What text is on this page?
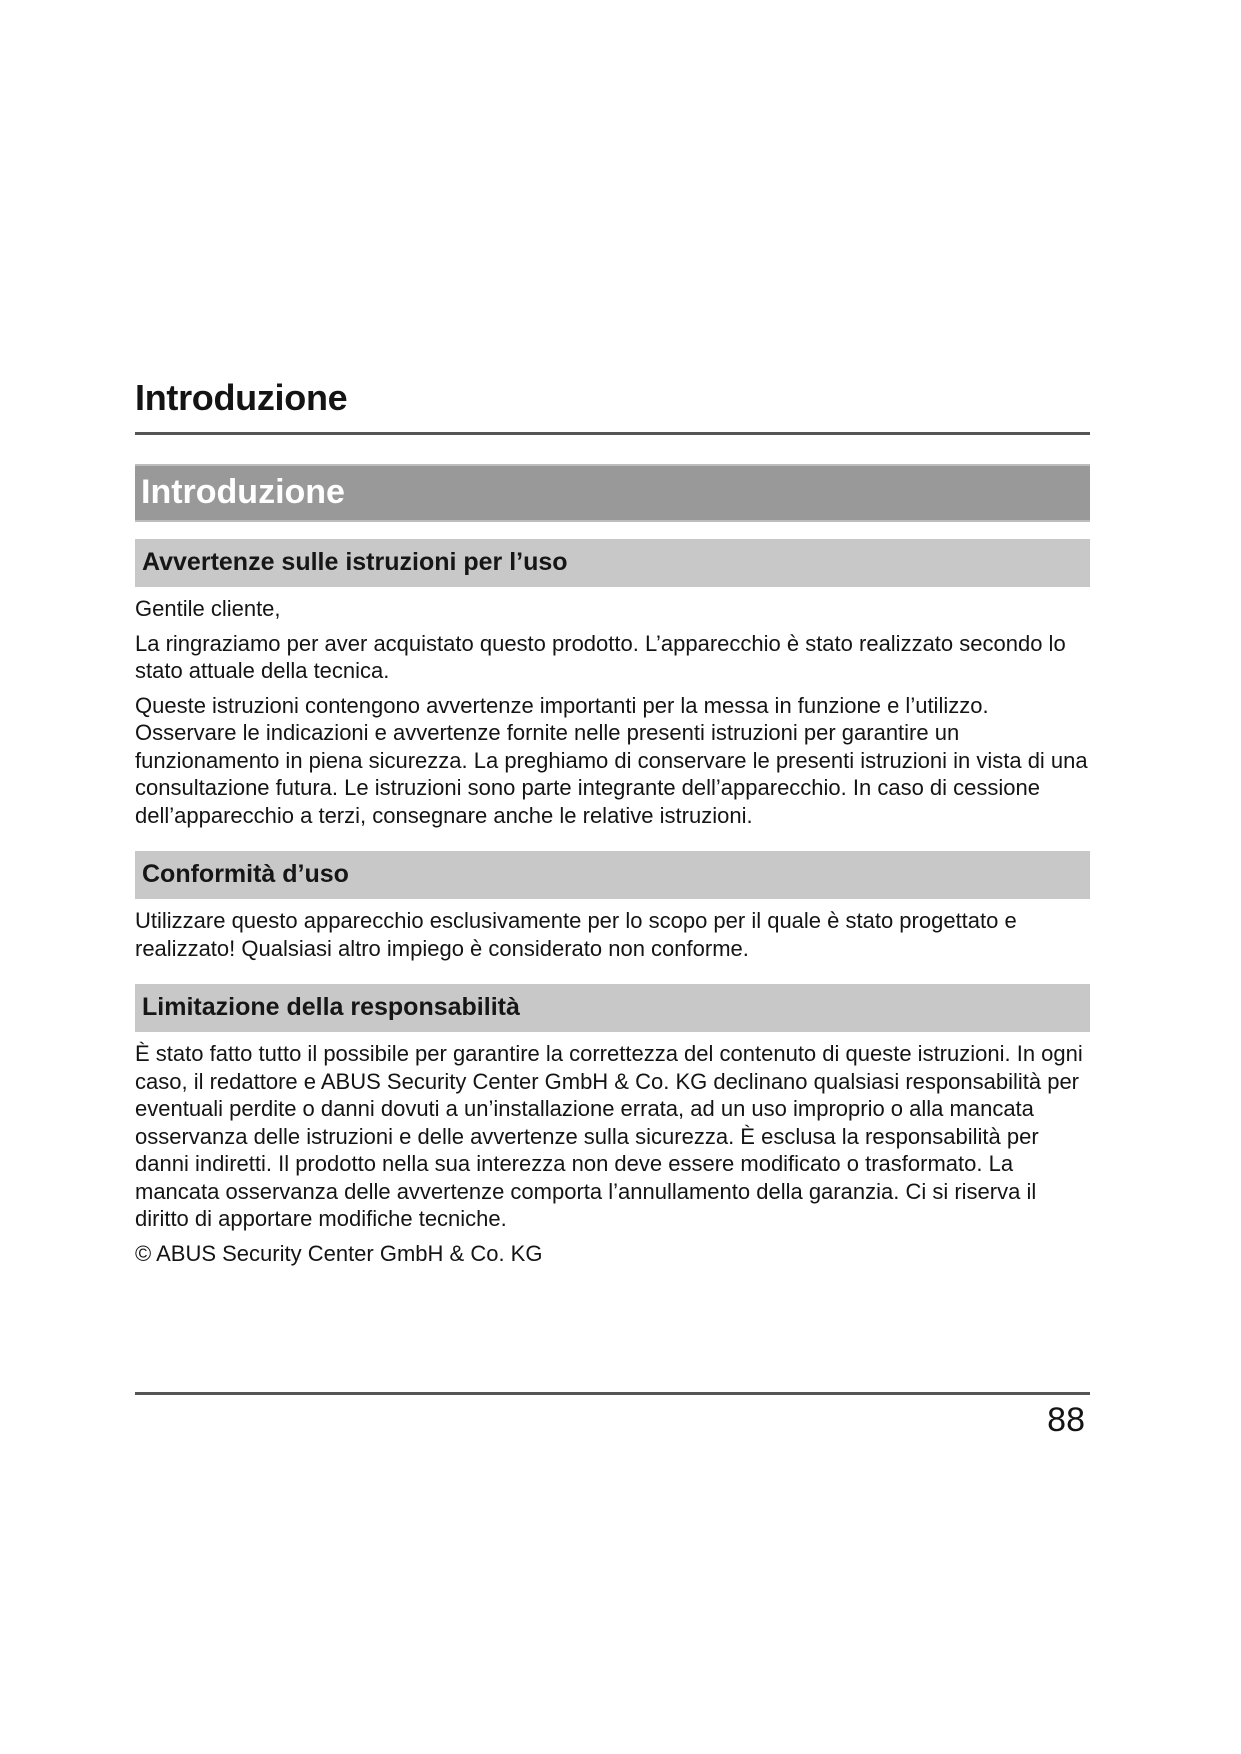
Introduzione
Introduzione
Avvertenze sulle istruzioni per l’uso

Gentile cliente,

La ringraziamo per aver acquistato questo prodotto. L’apparecchio è stato realizzato secondo lo stato attuale della tecnica.

Queste istruzioni contengono avvertenze importanti per la messa in funzione e l’utilizzo. Osservare le indicazioni e avvertenze fornite nelle presenti istruzioni per garantire un funzionamento in piena sicurezza. La preghiamo di conservare le presenti istruzioni in vista di una consultazione futura. Le istruzioni sono parte integrante dell’apparecchio. In caso di cessione dell’apparecchio a terzi, consegnare anche le relative istruzioni.

Conformità d’uso

Utilizzare questo apparecchio esclusivamente per lo scopo per il quale è stato progettato e realizzato! Qualsiasi altro impiego è considerato non conforme.

Limitazione della responsabilità

È stato fatto tutto il possibile per garantire la correttezza del contenuto di queste istruzioni. In ogni caso, il redattore e ABUS Security Center GmbH & Co. KG declinano qualsiasi responsabilità per eventuali perdite o danni dovuti a un’installazione errata, ad un uso improprio o alla mancata osservanza delle istruzioni e delle avvertenze sulla sicurezza. È esclusa la responsabilità per danni indiretti. Il prodotto nella sua interezza non deve essere modificato o trasformato. La mancata osservanza delle avvertenze comporta l’annullamento della garanzia. Ci si riserva il diritto di apportare modifiche tecniche.

© ABUS Security Center GmbH & Co. KG

88
